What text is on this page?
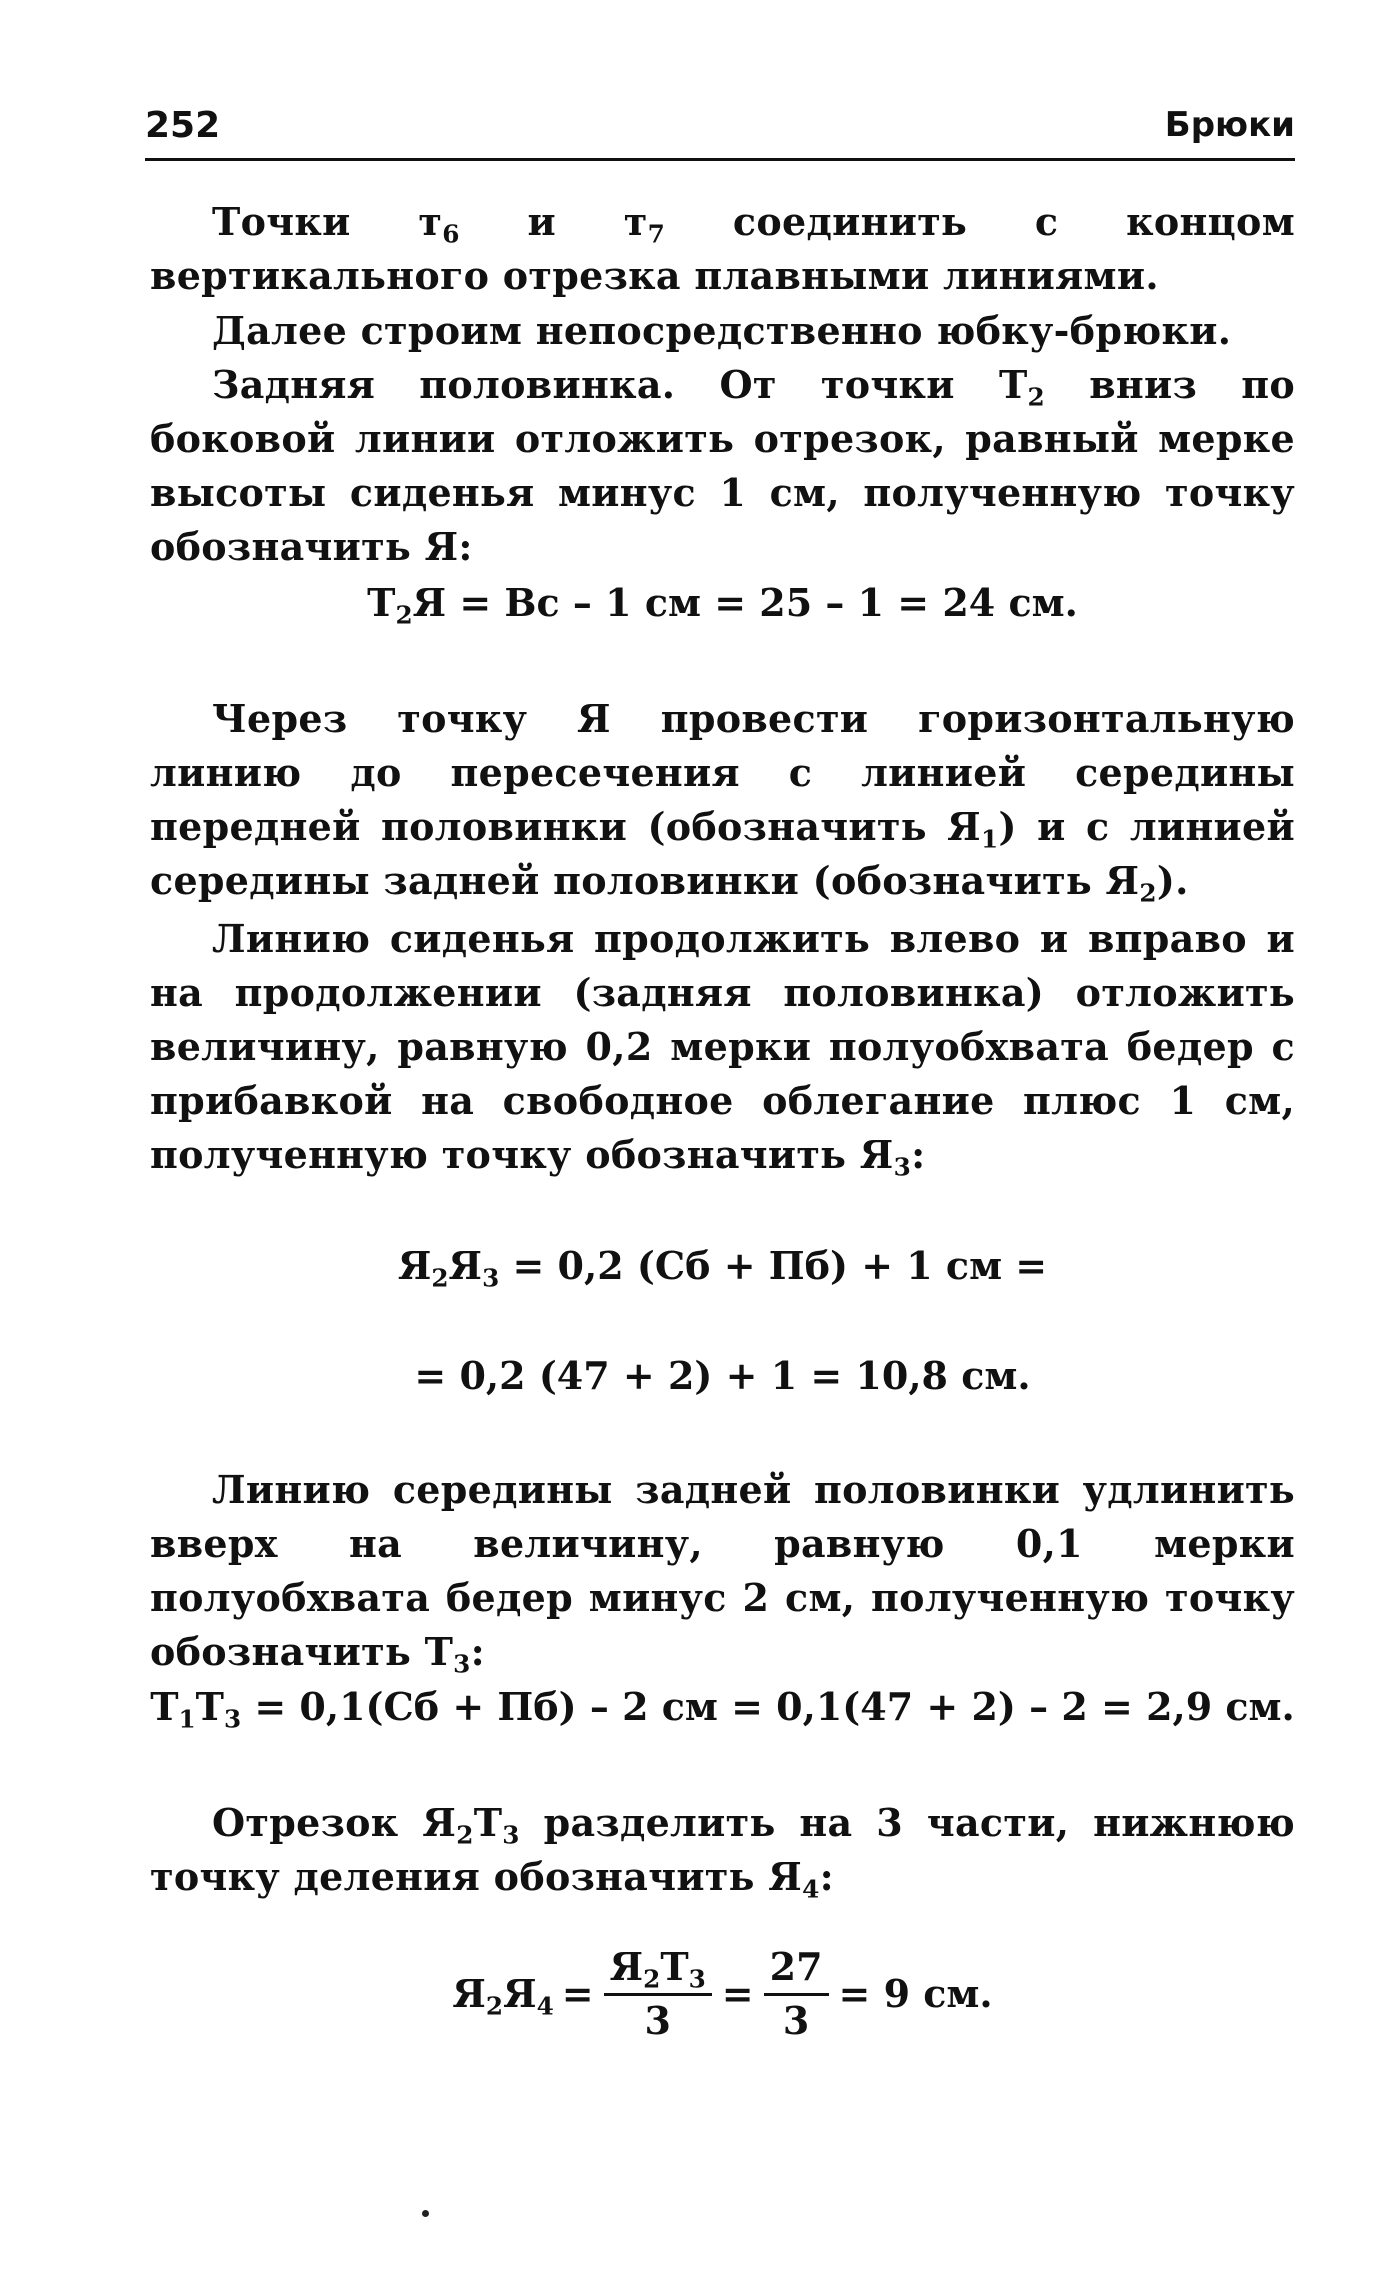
252	Брюки
Точки $т_6$ и $т_7$ соединить с концом вертикального отрезка плавными линиями.
Далее строим непосредственно юбку-брюки.
Задняя половинка. От точки $Т_2$ вниз по боковой линии отложить отрезок, равный мерке высоты сиденья минус 1 см, полученную точку обозначить Я:
$Т_2Я$ = Вс – 1 см = 25 – 1 = 24 см.
Через точку Я провести горизонтальную линию до пересечения с линией середины передней половинки (обозначить $Я_1$) и с линией середины задней половинки (обозначить $Я_2$).
Линию сиденья продолжить влево и вправо и на продолжении (задняя половинка) отложить величину, равную 0,2 мерки полуобхвата бедер с прибавкой на свободное облегание плюс 1 см, полученную точку обозначить $Я_3$:
$Я_2Я_3 = 0,2$ (Сб + Пб) + 1 см =
= 0,2 (47 + 2) + 1 = 10,8 см.
Линию середины задней половинки удлинить вверх на величину, равную 0,1 мерки полуобхвата бедер минус 2 см, полученную точку обозначить $Т_3$:
$Т_1Т_3 = 0,1(Сб + Пб) - 2$ см = 0,1(47 + 2) – 2 = 2,9 см.
Отрезок $Я_2Т_3$ разделить на 3 части, нижнюю точку деления обозначить $Я_4$:
$Я_2Я_4 = \frac{Я_2Т_3}{3} = \frac{27}{3} = 9$ см.
